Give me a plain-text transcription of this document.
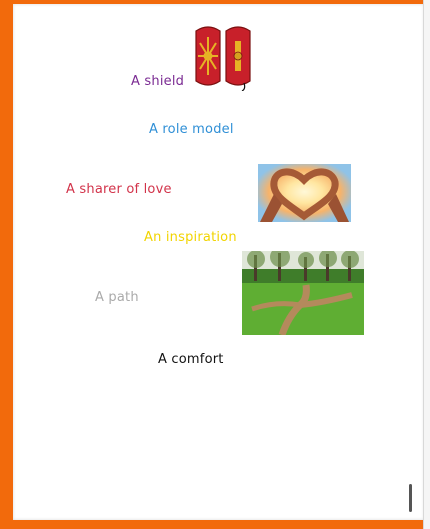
A shield
A role model
A sharer of love
An inspiration
A path
A comfort
